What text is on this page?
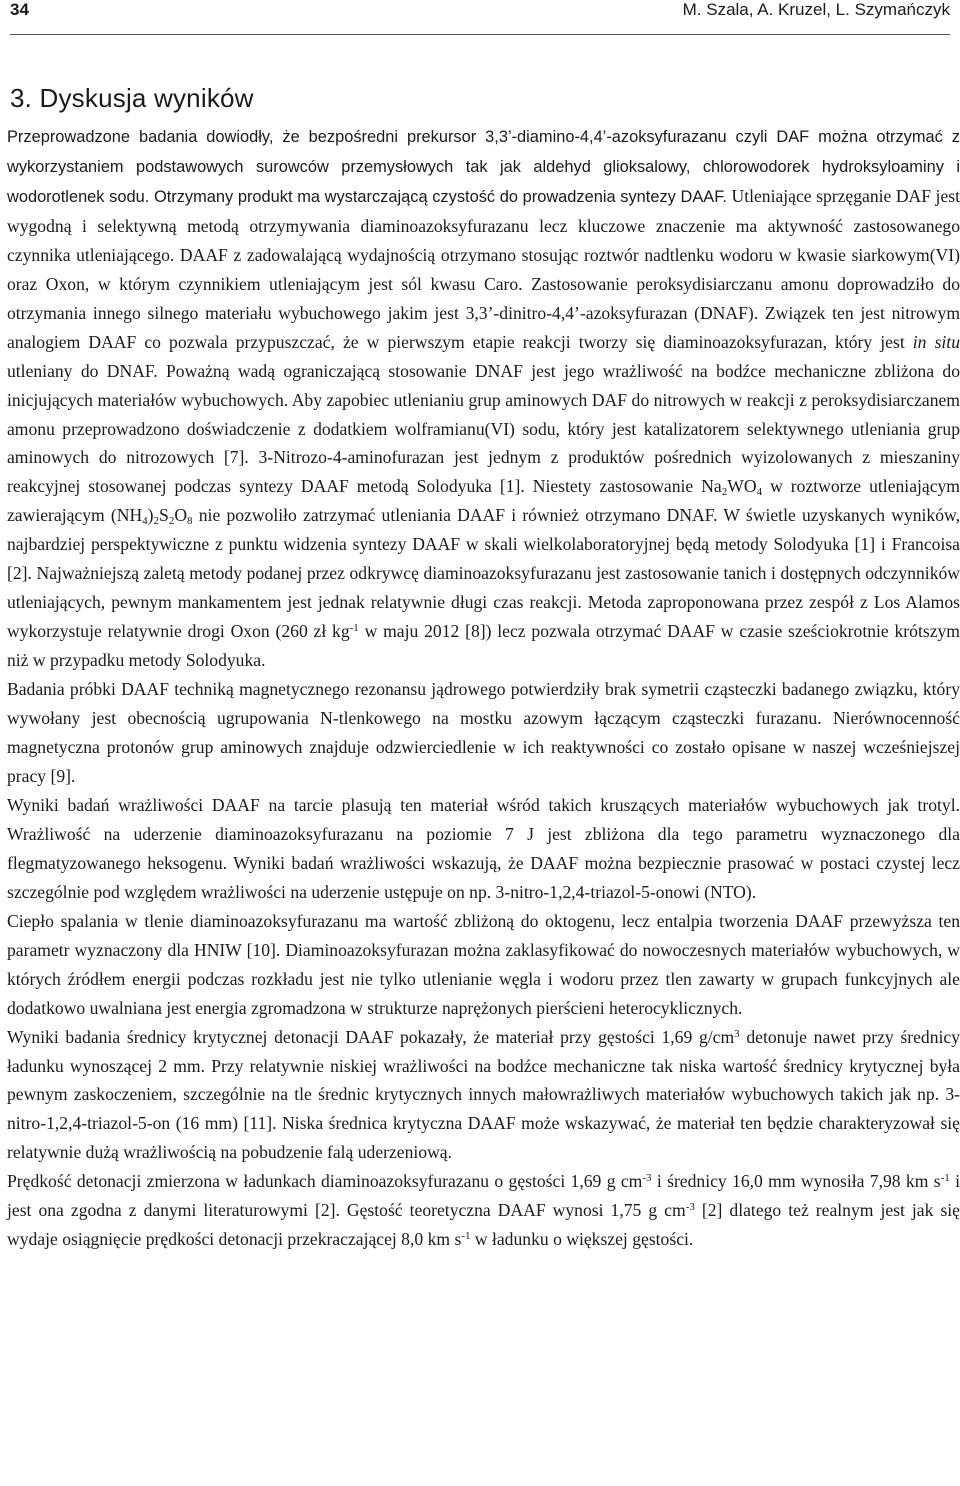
34	M. Szala, A. Kruzel, L. Szymańczyk
3. Dyskusja wyników

Przeprowadzone badania dowiodły, że bezpośredni prekursor 3,3’-diamino-4,4’-azoksyfurazanu czyli DAF można otrzymać z wykorzystaniem podstawowych surowców przemysłowych tak jak aldehyd glioksalowy, chlorowodorek hydroksyloaminy i wodorotlenek sodu. Otrzymany produkt ma wystarczającą czystość do prowadzenia syntezy DAAF. Utleniające sprzęganie DAF jest wygodną i selektywną metodą otrzymywania diaminoazoksyfurazanu lecz kluczowe znaczenie ma aktywność zastosowanego czynnika utleniającego. DAAF z zadowalającą wydajnością otrzymano stosując roztwór nadtlenku wodoru w kwasie siarkowym(VI) oraz Oxon, w którym czynnikiem utleniającym jest sól kwasu Caro. Zastosowanie peroksydisiarczanu amonu doprowadziło do otrzymania innego silnego materiału wybuchowego jakim jest 3,3’-dinitro-4,4’-azoksyfurazan (DNAF). Związek ten jest nitrowym analogiem DAAF co pozwala przypuszczać, że w pierwszym etapie reakcji tworzy się diaminoazoksyfurazan, który jest in situ utleniany do DNAF. Poważną wadą ograniczającą stosowanie DNAF jest jego wrażliwość na bodźce mechaniczne zbliżona do inicjujących materiałów wybuchowych. Aby zapobiec utlenianiu grup aminowych DAF do nitrowych w reakcji z peroksydisiarczanem amonu przeprowadzono doświadczenie z dodatkiem wolframianu(VI) sodu, który jest katalizatorem selektywnego utleniania grup aminowych do nitrozowych [7]. 3-Nitrozo-4-aminofurazan jest jednym z produktów pośrednich wyizolowanych z mieszaniny reakcyjnej stosowanej podczas syntezy DAAF metodą Solodyuka [1]. Niestety zastosowanie $Na_2WO_4$ w roztworze utleniającym zawierającym $(NH_4)_2S_2O_8$ nie pozwoliło zatrzymać utleniania DAAF i również otrzymano DNAF. W świetle uzyskanych wyników, najbardziej perspektywiczne z punktu widzenia syntezy DAAF w skali wielkolaboratoryjnej będą metody Solodyuka [1] i Francoisa [2]. Najważniejszą zaletą metody podanej przez odkrywcę diaminoazoksyfurazanu jest zastosowanie tanich i dostępnych odczynników utleniających, pewnym mankamentem jest jednak relatywnie długi czas reakcji. Metoda zaproponowana przez zespół z Los Alamos wykorzystuje relatywnie drogi Oxon (260 zł $kg^{-1}$ w maju 2012 [8]) lecz pozwala otrzymać DAAF w czasie sześciokrotnie krótszym niż w przypadku metody Solodyuka.

Badania próbki DAAF techniką magnetycznego rezonansu jądrowego potwierdziły brak symetrii cząsteczki badanego związku, który wywołany jest obecnością ugrupowania N-tlenkowego na mostku azowym łączącym cząsteczki furazanu. Nierównocenność magnetyczna protonów grup aminowych znajduje odzwierciedlenie w ich reaktywności co zostało opisane w naszej wcześniejszej pracy [9].

Wyniki badań wrażliwości DAAF na tarcie plasują ten materiał wśród takich kruszących materiałów wybuchowych jak trotyl. Wrażliwość na uderzenie diaminoazoksyfurazanu na poziomie 7 J jest zbliżona dla tego parametru wyznaczonego dla flegmatyzowanego heksogenu. Wyniki badań wrażliwości wskazują, że DAAF można bezpiecznie prasować w postaci czystej lecz szczególnie pod względem wrażliwości na uderzenie ustępuje on np. 3-nitro-1,2,4-triazol-5-onowi (NTO).

Ciepło spalania w tlenie diaminoazoksyfurazanu ma wartość zbliżoną do oktogenu, lecz entalpia tworzenia DAAF przewyższa ten parametr wyznaczony dla HNIW [10]. Diaminoazoksyfurazan można zaklasyfikować do nowoczesnych materiałów wybuchowych, w których źródłem energii podczas rozkładu jest nie tylko utlenianie węgla i wodoru przez tlen zawarty w grupach funkcyjnych ale dodatkowo uwalniana jest energia zgromadzona w strukturze naprężonych pierścieni heterocyklicznych.

Wyniki badania średnicy krytycznej detonacji DAAF pokazały, że materiał przy gęstości 1,69 $g/cm^3$ detonuje nawet przy średnicy ładunku wynoszącej 2 mm. Przy relatywnie niskiej wrażliwości na bodźce mechaniczne tak niska wartość średnicy krytycznej była pewnym zaskoczeniem, szczególnie na tle średnic krytycznych innych małowrażliwych materiałów wybuchowych takich jak np. 3-nitro-1,2,4-triazol-5-on (16 mm) [11]. Niska średnica krytyczna DAAF może wskazywać, że materiał ten będzie charakteryzował się relatywnie dużą wrażliwością na pobudzenie falą uderzeniową.

Prędkość detonacji zmierzona w ładunkach diaminoazoksyfurazanu o gęstości 1,69 g $cm^{-3}$ i średnicy 16,0 mm wynosiła 7,98 km $s^{-1}$ i jest ona zgodna z danymi literaturowymi [2]. Gęstość teoretyczna DAAF wynosi 1,75 g $cm^{-3}$ [2] dlatego też realnym jest jak się wydaje osiągnięcie prędkości detonacji przekraczającej 8,0 km $s^{-1}$ w ładunku o większej gęstości.
